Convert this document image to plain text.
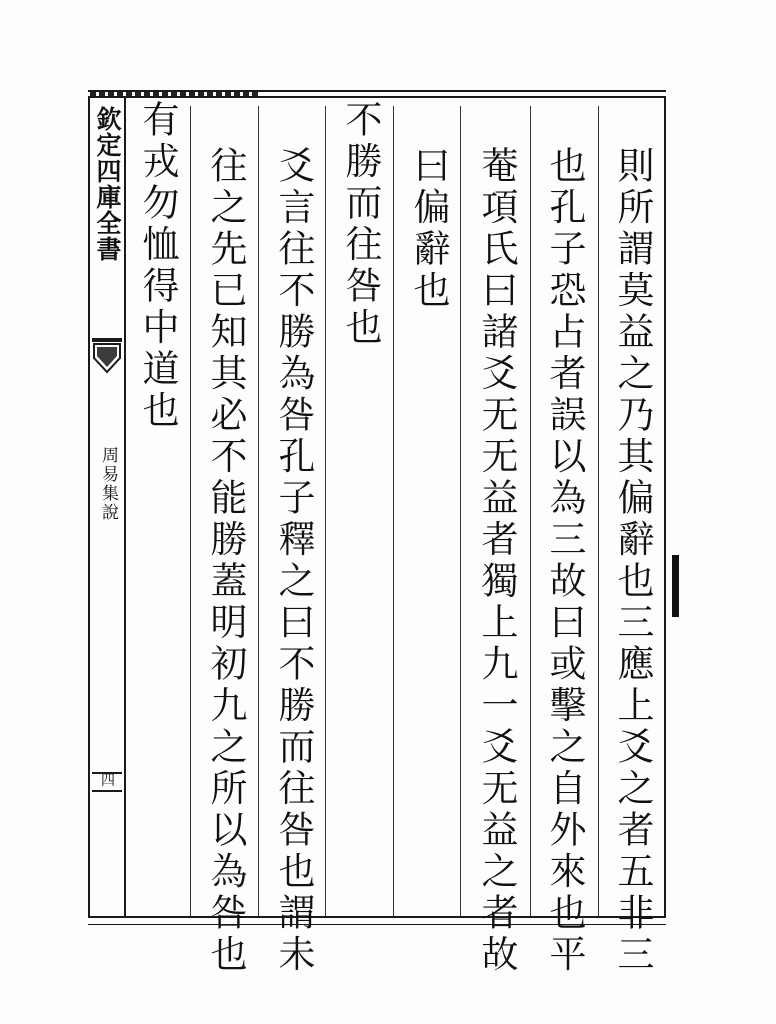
欽定四庫全書
周易集說
四	則所謂莫益之乃其偏辭也三應上爻之者五非三
也孔子恐占者誤以為三故曰或擊之自外來也平
菴項氏曰諸爻无无益者獨上九一爻无益之者故
曰偏辭也
不勝而往咎也
爻言往不勝為咎孔子釋之曰不勝而往咎也謂未
往之先已知其必不能勝蓋明初九之所以為咎也
有戎勿恤得中道也
